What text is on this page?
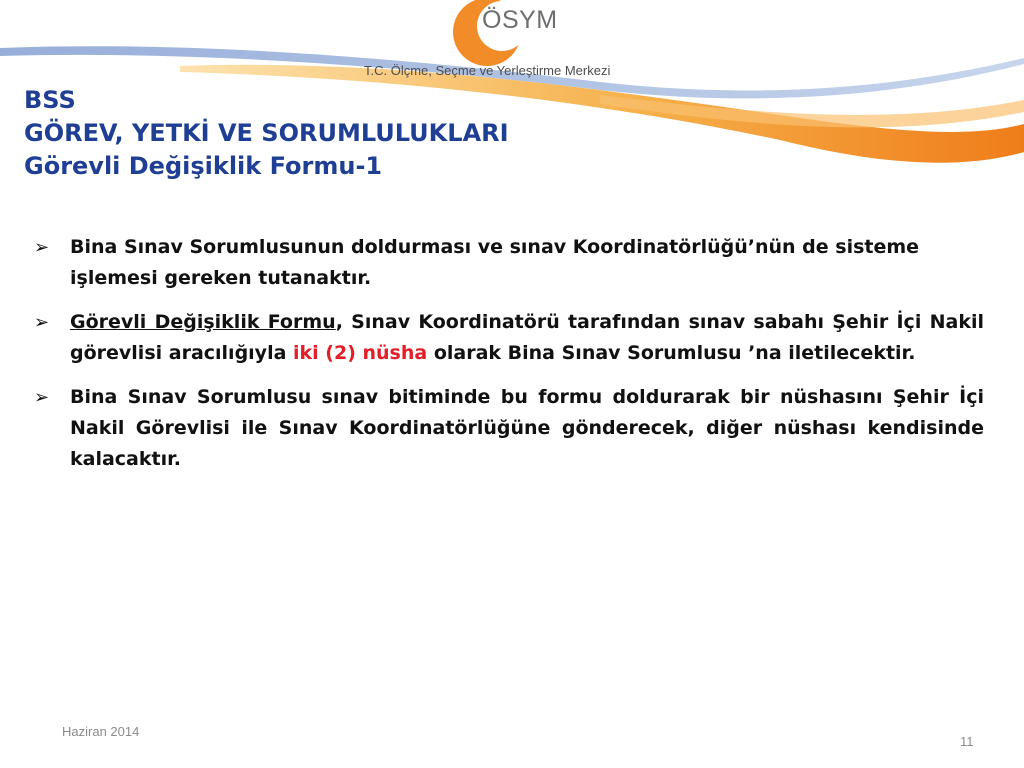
ÖSYM
T.C. Ölçme, Seçme ve Yerleştirme Merkezi
BSS
GÖREV, YETKİ VE SORUMLULUKLARI
Görevli Değişiklik Formu-1
➢ Bina Sınav Sorumlusunun doldurması ve sınav Koordinatörlüğü’nün de sisteme işlemesi gereken tutanaktır.
➢ Görevli Değişiklik Formu, Sınav Koordinatörü tarafından sınav sabahı Şehir İçi Nakil görevlisi aracılığıyla iki (2) nüsha olarak Bina Sınav Sorumlusu ’na iletilecektir.
➢ Bina Sınav Sorumlusu sınav bitiminde bu formu doldurarak bir nüshasını Şehir İçi Nakil Görevlisi ile Sınav Koordinatörlüğüne gönderecek, diğer nüshası kendisinde kalacaktır.
Haziran 2014
11
